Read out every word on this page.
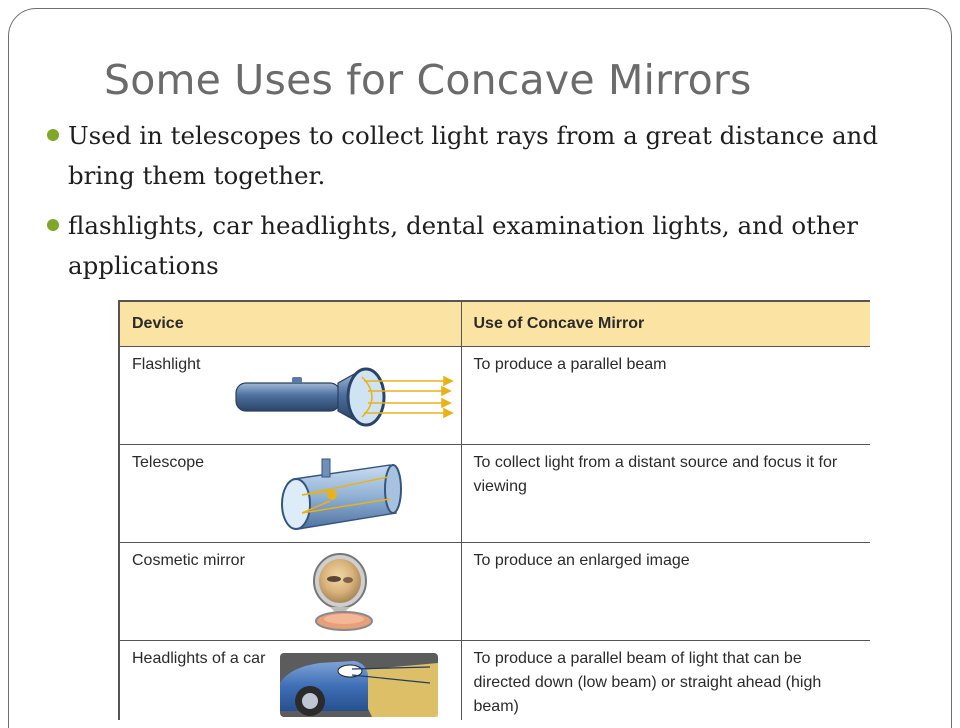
Some Uses for Concave Mirrors
Used in telescopes to collect light rays from a great distance and bring them together.
flashlights, car headlights, dental examination lights, and other applications
Device	Use of Concave Mirror
Flashlight	To produce a parallel beam
Telescope	To collect light from a distant source and focus it for viewing
Cosmetic mirror	To produce an enlarged image
Headlights of a car	To produce a parallel beam of light that can be directed down (low beam) or straight ahead (high beam)
